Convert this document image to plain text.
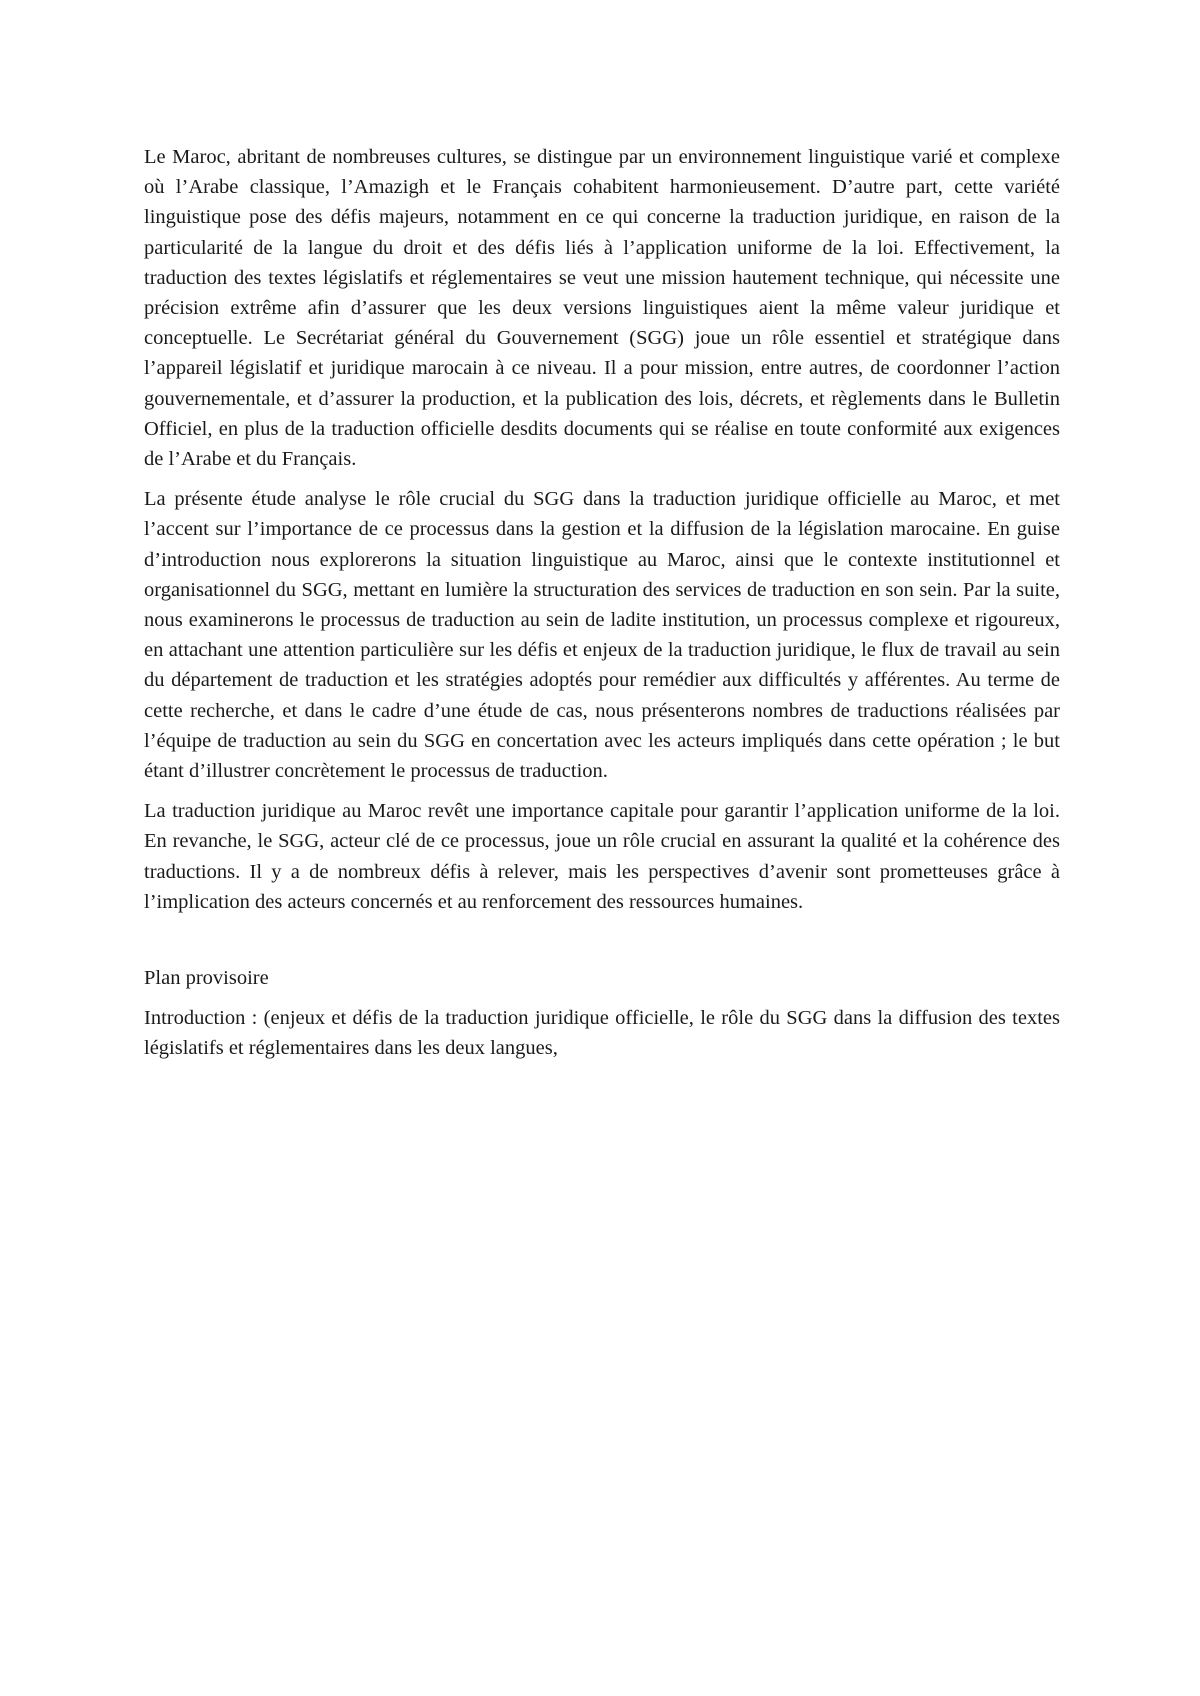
Le Maroc, abritant de nombreuses cultures, se distingue par un environnement linguistique varié et complexe où l’Arabe classique, l’Amazigh et le Français cohabitent harmonieusement. D’autre part, cette variété linguistique pose des défis majeurs, notamment en ce qui concerne la traduction juridique, en raison de la particularité de la langue du droit et des défis liés à l’application uniforme de la loi. Effectivement, la traduction des textes législatifs et réglementaires se veut une mission hautement technique, qui nécessite une précision extrême afin d’assurer que les deux versions linguistiques aient la même valeur juridique et conceptuelle. Le Secrétariat général du Gouvernement (SGG) joue un rôle essentiel et stratégique dans l’appareil législatif et juridique marocain à ce niveau. Il a pour mission, entre autres, de coordonner l’action gouvernementale, et d’assurer la production, et la publication des lois, décrets, et règlements dans le Bulletin Officiel, en plus de la traduction officielle desdits documents qui se réalise en toute conformité aux exigences de l’Arabe et du Français.

La présente étude analyse le rôle crucial du SGG dans la traduction juridique officielle au Maroc, et met l’accent sur l’importance de ce processus dans la gestion et la diffusion de la législation marocaine. En guise d’introduction nous explorerons la situation linguistique au Maroc, ainsi que le contexte institutionnel et organisationnel du SGG, mettant en lumière la structuration des services de traduction en son sein. Par la suite, nous examinerons le processus de traduction au sein de ladite institution, un processus complexe et rigoureux, en attachant une attention particulière sur les défis et enjeux de la traduction juridique, le flux de travail au sein du département de traduction et les stratégies adoptés pour remédier aux difficultés y afférentes. Au terme de cette recherche, et dans le cadre d’une étude de cas, nous présenterons nombres de traductions réalisées par l’équipe de traduction au sein du SGG en concertation avec les acteurs impliqués dans cette opération ; le but étant d’illustrer concrètement le processus de traduction.

La traduction juridique au Maroc revêt une importance capitale pour garantir l’application uniforme de la loi. En revanche, le SGG, acteur clé de ce processus, joue un rôle crucial en assurant la qualité et la cohérence des traductions. Il y a de nombreux défis à relever, mais les perspectives d’avenir sont prometteuses grâce à l’implication des acteurs concernés et au renforcement des ressources humaines.

Plan provisoire

Introduction : (enjeux et défis de la traduction juridique officielle, le rôle du SGG dans la diffusion des textes législatifs et réglementaires dans les deux langues,
